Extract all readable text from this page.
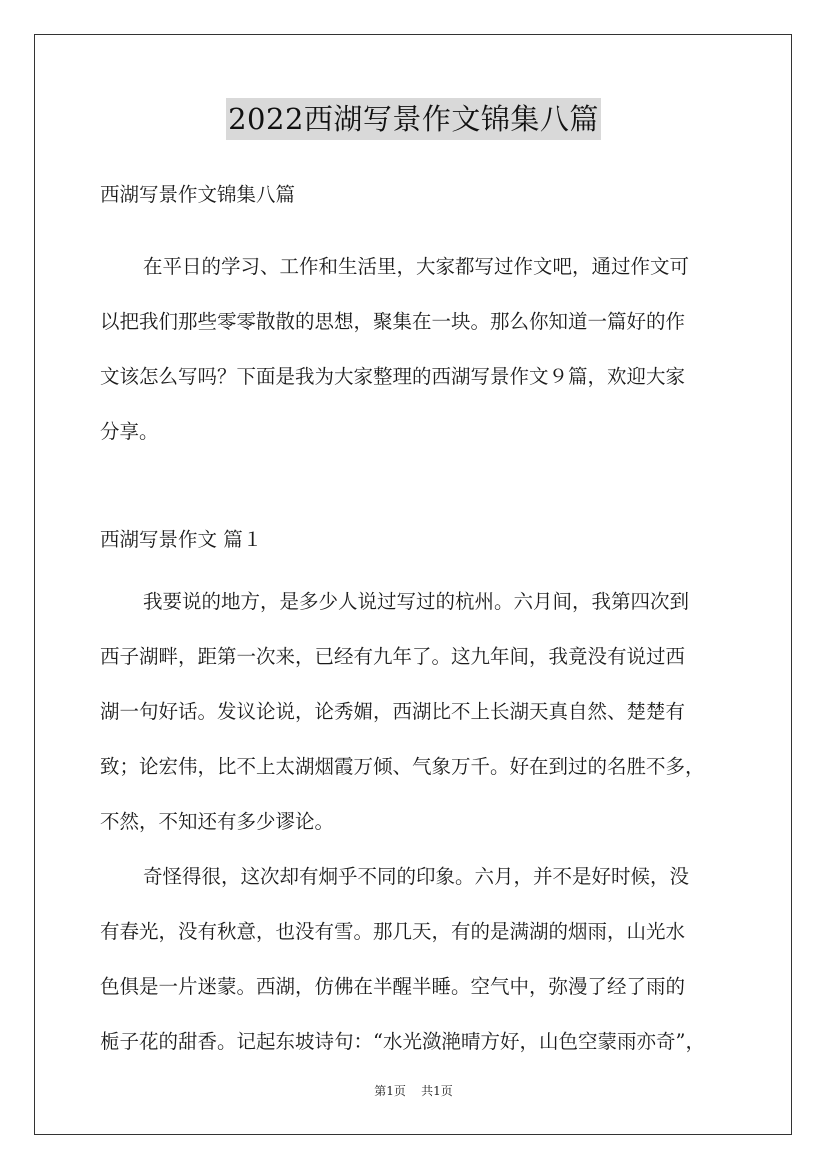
2022西湖写景作文锦集八篇
西湖写景作文锦集八篇
在平日的学习、工作和生活里，大家都写过作文吧，通过作文可
以把我们那些零零散散的思想，聚集在一块。那么你知道一篇好的作
文该怎么写吗？下面是我为大家整理的西湖写景作文９篇，欢迎大家
分享。
西湖写景作文 篇１
我要说的地方，是多少人说过写过的杭州。六月间，我第四次到
西子湖畔，距第一次来，已经有九年了。这九年间，我竟没有说过西
湖一句好话。发议论说，论秀媚，西湖比不上长湖天真自然、楚楚有
致；论宏伟，比不上太湖烟霞万倾、气象万千。好在到过的名胜不多，
不然，不知还有多少谬论。
奇怪得很，这次却有炯乎不同的印象。六月，并不是好时候，没
有春光，没有秋意，也没有雪。那几天，有的是满湖的烟雨，山光水
色俱是一片迷蒙。西湖，仿佛在半醒半睡。空气中，弥漫了经了雨的
栀子花的甜香。记起东坡诗句：“水光潋滟晴方好，山色空蒙雨亦奇”，
第1页 共1页
